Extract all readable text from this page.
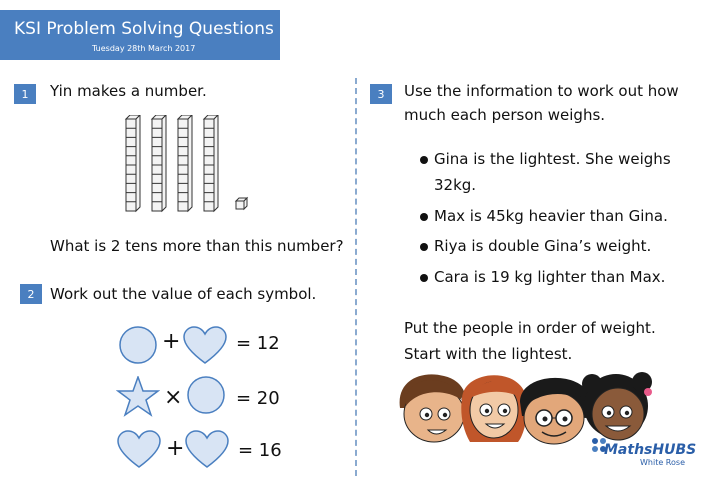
KSI Problem Solving Questions
Tuesday 28th March 2017
1	Yin makes a number.
What is 2 tens more than this number?
2	Work out the value of each symbol.
+	= 12
×	= 20
+	= 16
3	Use the information to work out how
much each person weighs.
Gina is the lightest. She weighs
32kg.
Max is 45kg heavier than Gina.
Riya is double Gina’s weight.
Cara is 19 kg lighter than Max.
Put the people in order of weight.
Start with the lightest.
MathsHUBS
White Rose
